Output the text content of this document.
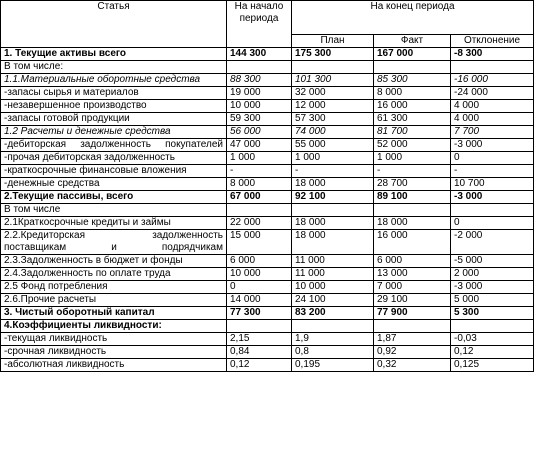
Статья	На начало периода	На конец периода		
		План	Факт	Отклонение
1. Текущие активы всего	144 300	175 300	167 000	-8 300
В том числе:				
1.1.Материальные оборотные средства	88 300	101 300	85 300	-16 000
-запасы сырья и материалов	19 000	32 000	8 000	-24 000
-незавершенное производство	10 000	12 000	16 000	4 000
-запасы готовой продукции	59 300	57 300	61 300	4 000
1.2 Расчеты и денежные средства	56 000	74 000	81 700	7 700
-дебиторская задолженность покупателей	47 000	55 000	52 000	-3 000
-прочая дебиторская задолженность	1 000	1 000	1 000	0
-краткосрочные финансовые вложения	-	-	-	-
-денежные средства	8 000	18 000	28 700	10 700
2.Текущие пассивы, всего	67 000	92 100	89 100	-3 000
В том числе				
2.1Краткосрочные кредиты и займы	22 000	18 000	18 000	0
2.2.Кредиторская задолженность поставщикам и подрядчикам	15 000	18 000	16 000	-2 000
2.3.Задолженность в бюджет и фонды	6 000	11 000	6 000	-5 000
2.4.Задолженность по оплате труда	10 000	11 000	13 000	2 000
2.5 Фонд потребления	0	10 000	7 000	-3 000
2.6.Прочие расчеты	14 000	24 100	29 100	5 000
3. Чистый оборотный капитал	77 300	83 200	77 900	5 300
4.Коэффициенты ликвидности:				
-текущая ликвидность	2,15	1,9	1,87	-0,03
-срочная ликвидность	0,84	0,8	0,92	0,12
-абсолютная ликвидность	0,12	0,195	0,32	0,125
